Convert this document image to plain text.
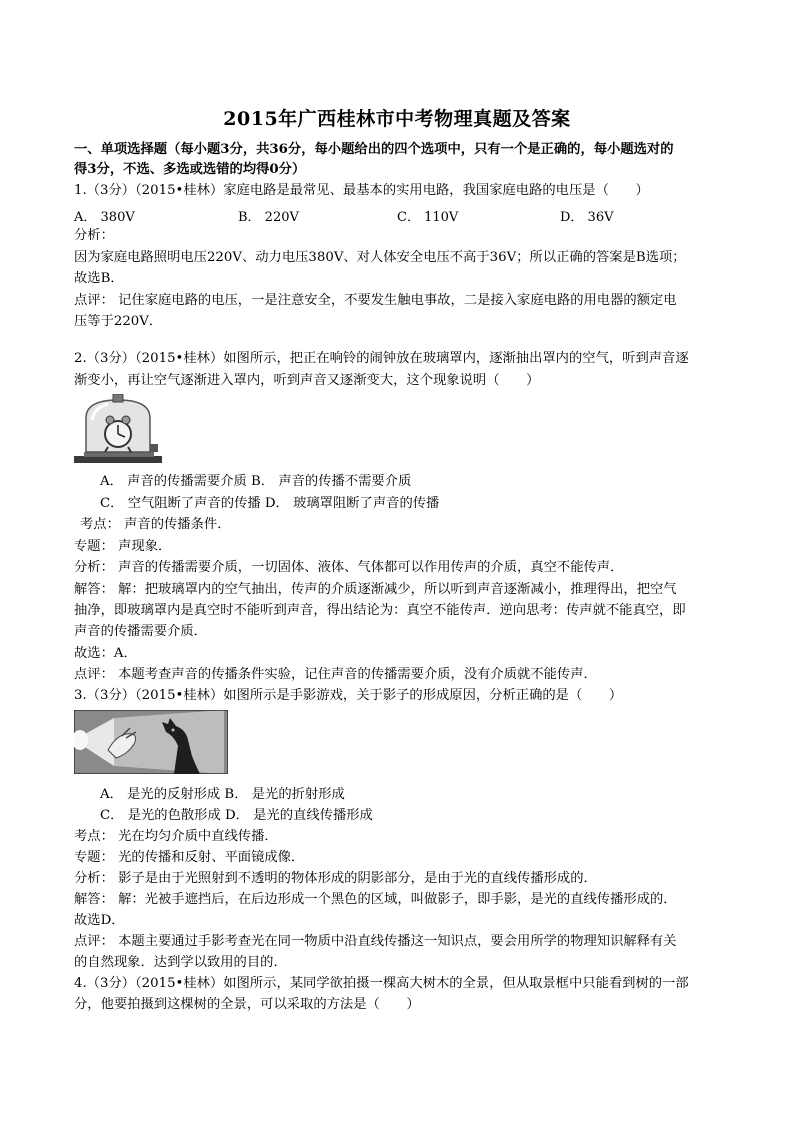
2015年广西桂林市中考物理真题及答案
一、单项选择题（每小题3分，共36分，每小题给出的四个选项中，只有一个是正确的，每小题选对的
得3分，不选、多选或选错的均得0分）
1.（3分）（2015•桂林）家庭电路是最常见、最基本的实用电路，我国家庭电路的电压是（　　）
A． 380V	B． 220V	C． 110V	D． 36V
分析：
因为家庭电路照明电压220V、动力电压380V、对人体安全电压不高于36V；所以正确的答案是B选项；
故选B．
点评： 记住家庭电路的电压，一是注意安全，不要发生触电事故，二是接入家庭电路的用电器的额定电
压等于220V．
2.（3分）（2015•桂林）如图所示，把正在响铃的闹钟放在玻璃罩内，逐渐抽出罩内的空气，听到声音逐
渐变小，再让空气逐渐进入罩内，听到声音又逐渐变大，这个现象说明（　　）
A． 声音的传播需要介质 B． 声音的传播不需要介质
C． 空气阻断了声音的传播 D． 玻璃罩阻断了声音的传播
考点： 声音的传播条件．
专题： 声现象．
分析： 声音的传播需要介质，一切固体、液体、气体都可以作用传声的介质，真空不能传声．
解答： 解：把玻璃罩内的空气抽出，传声的介质逐渐减少，所以听到声音逐渐减小，推理得出，把空气
抽净，即玻璃罩内是真空时不能听到声音，得出结论为：真空不能传声．逆向思考：传声就不能真空，即
声音的传播需要介质．
故选：A．
点评： 本题考查声音的传播条件实验，记住声音的传播需要介质，没有介质就不能传声．
3.（3分）（2015•桂林）如图所示是手影游戏，关于影子的形成原因，分析正确的是（　　）
A． 是光的反射形成 B． 是光的折射形成
C． 是光的色散形成 D． 是光的直线传播形成
考点： 光在均匀介质中直线传播．
专题： 光的传播和反射、平面镜成像．
分析： 影子是由于光照射到不透明的物体形成的阴影部分，是由于光的直线传播形成的．
解答： 解：光被手遮挡后，在后边形成一个黑色的区域，叫做影子，即手影，是光的直线传播形成的．
故选D．
点评： 本题主要通过手影考查光在同一物质中沿直线传播这一知识点，要会用所学的物理知识解释有关
的自然现象．达到学以致用的目的．
4.（3分）（2015•桂林）如图所示，某同学欲拍摄一棵高大树木的全景，但从取景框中只能看到树的一部
分，他要拍摄到这棵树的全景，可以采取的方法是（　　）
